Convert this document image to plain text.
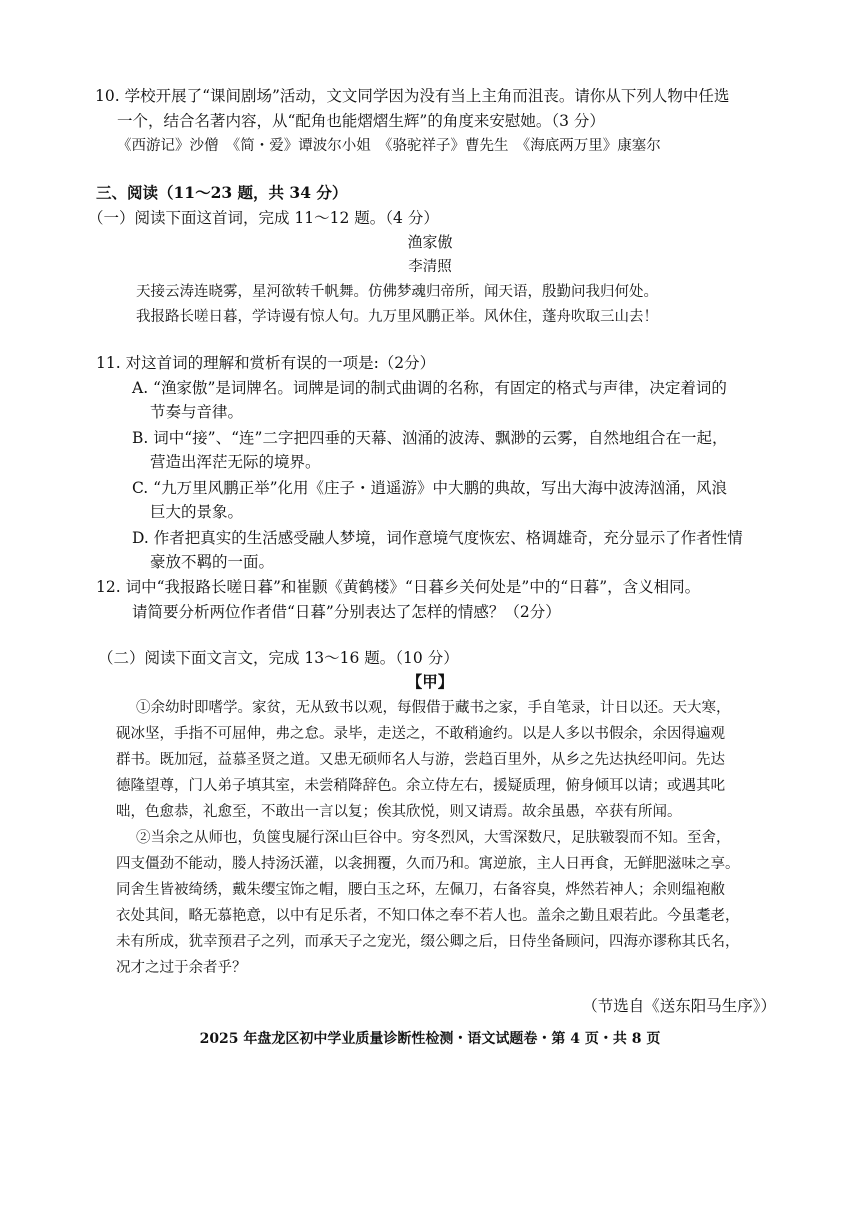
10. 学校开展了“课间剧场”活动，文文同学因为没有当上主角而沮丧。请你从下列人物中任选
一个，结合名著内容，从“配角也能熠熠生辉”的角度来安慰她。（3 分）
《西游记》沙僧　《简・爱》谭波尔小姐　《骆驼祥子》曹先生　《海底两万里》康塞尔
三、阅读（11～23 题，共 34 分）
（一）阅读下面这首词，完成 11～12 题。（4 分）
渔家傲
李清照
天接云涛连晓雾，星河欲转千帆舞。仿佛梦魂归帝所，闻天语，殷勤问我归何处。
我报路长嗟日暮，学诗谩有惊人句。九万里风鹏正举。风休住，蓬舟吹取三山去！
11. 对这首词的理解和赏析有误的一项是:（2分）
A. “渔家傲”是词牌名。词牌是词的制式曲调的名称，有固定的格式与声律，决定着词的
节奏与音律。
B. 词中“接”、“连”二字把四垂的天幕、汹涌的波涛、飘渺的云雾，自然地组合在一起，
营造出浑茫无际的境界。
C. “九万里风鹏正举”化用《庄子・逍遥游》中大鹏的典故，写出大海中波涛汹涌，风浪
巨大的景象。
D. 作者把真实的生活感受融人梦境，词作意境气度恢宏、格调雄奇，充分显示了作者性情
豪放不羁的一面。
12. 词中“我报路长嗟日暮”和崔颢《黄鹤楼》“日暮乡关何处是”中的“日暮”，含义相同。
请简要分析两位作者借“日暮”分别表达了怎样的情感？（2分）
（二）阅读下面文言文，完成 13～16 题。（10 分）
【甲】
①余幼时即嗜学。家贫，无从致书以观，每假借于藏书之家，手自笔录，计日以还。天大寒，
砚冰坚，手指不可屈伸，弗之怠。录毕，走送之，不敢稍逾约。以是人多以书假余，余因得遍观
群书。既加冠，益慕圣贤之道。又患无硕师名人与游，尝趋百里外，从乡之先达执经叩问。先达
德隆望尊，门人弟子填其室，未尝稍降辞色。余立侍左右，援疑质理，俯身倾耳以请；或遇其叱
咄，色愈恭，礼愈至，不敢出一言以复；俟其欣悦，则又请焉。故余虽愚，卒获有所闻。
②当余之从师也，负箧曳屣行深山巨谷中。穷冬烈风，大雪深数尺，足肤皲裂而不知。至舍，
四支僵劲不能动，媵人持汤沃灌，以衾拥覆，久而乃和。寓逆旅，主人日再食，无鲜肥滋味之享。
同舍生皆被绮绣，戴朱缨宝饰之帽，腰白玉之环，左佩刀，右备容臭，烨然若神人；余则缊袍敝
衣处其间，略无慕艳意，以中有足乐者，不知口体之奉不若人也。盖余之勤且艰若此。今虽耄老，
未有所成，犹幸预君子之列，而承天子之宠光，缀公卿之后，日侍坐备顾问，四海亦谬称其氏名，
况才之过于余者乎？
（节选自《送东阳马生序》）
2025 年盘龙区初中学业质量诊断性检测・语文试题卷・第 4 页・共 8 页
